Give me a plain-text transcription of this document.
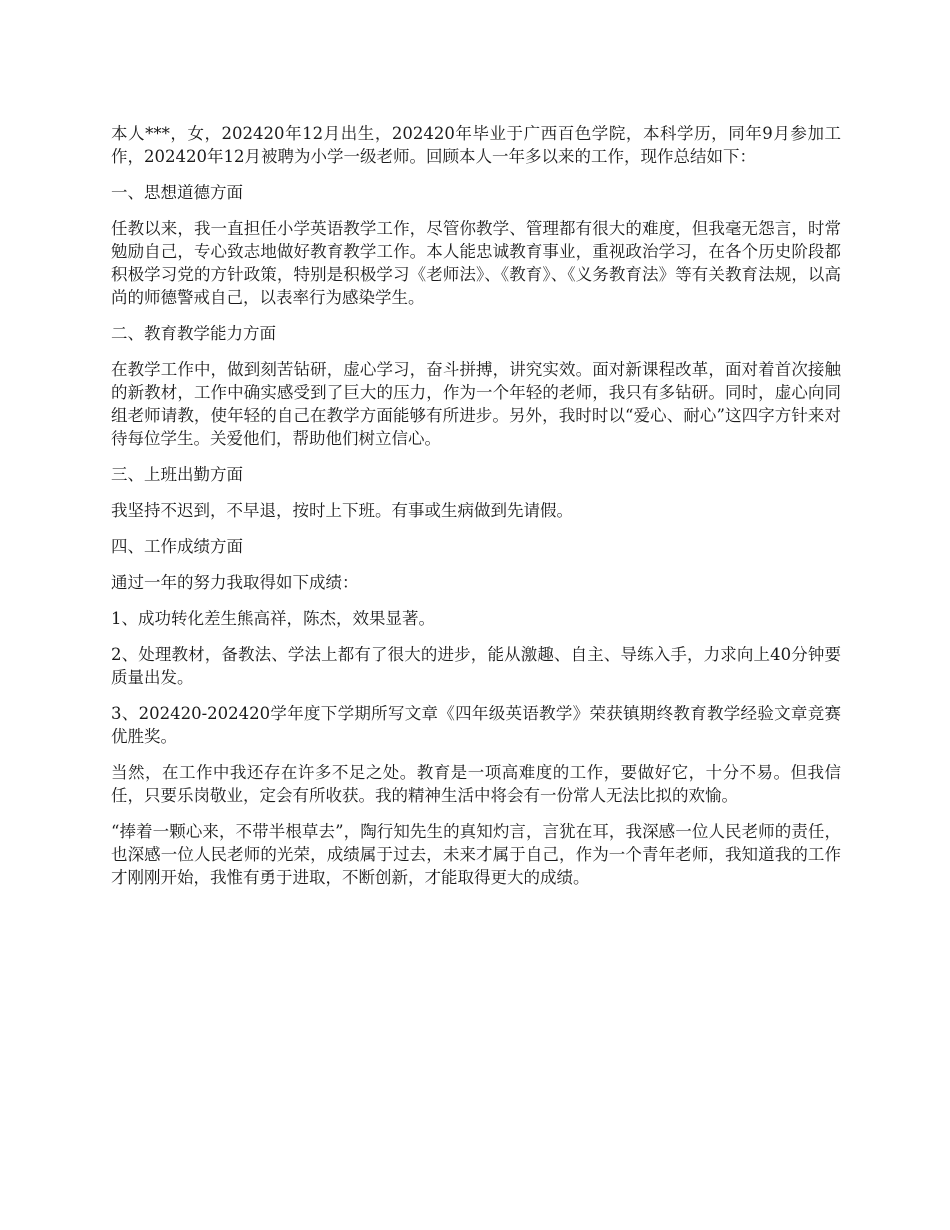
本人***，女，202420年12月出生，202420年毕业于广西百色学院，本科学历，同年9月参加工作，202420年12月被聘为小学一级老师。回顾本人一年多以来的工作，现作总结如下：

一、思想道德方面

任教以来，我一直担任小学英语教学工作，尽管你教学、管理都有很大的难度，但我毫无怨言，时常勉励自己，专心致志地做好教育教学工作。本人能忠诚教育事业，重视政治学习，在各个历史阶段都积极学习党的方针政策，特别是积极学习《老师法》、《教育》、《义务教育法》等有关教育法规，以高尚的师德警戒自己，以表率行为感染学生。

二、教育教学能力方面

在教学工作中，做到刻苦钻研，虚心学习，奋斗拼搏，讲究实效。面对新课程改革，面对着首次接触的新教材，工作中确实感受到了巨大的压力，作为一个年轻的老师，我只有多钻研。同时，虚心向同组老师请教，使年轻的自己在教学方面能够有所进步。另外，我时时以“爱心、耐心”这四字方针来对待每位学生。关爱他们，帮助他们树立信心。

三、上班出勤方面

我坚持不迟到，不早退，按时上下班。有事或生病做到先请假。

四、工作成绩方面

通过一年的努力我取得如下成绩：

1、成功转化差生熊高祥，陈杰，效果显著。

2、处理教材，备教法、学法上都有了很大的进步，能从激趣、自主、导练入手，力求向上40分钟要质量出发。

3、202420-202420学年度下学期所写文章《四年级英语教学》荣获镇期终教育教学经验文章竞赛优胜奖。

当然，在工作中我还存在许多不足之处。教育是一项高难度的工作，要做好它，十分不易。但我信任，只要乐岗敬业，定会有所收获。我的精神生活中将会有一份常人无法比拟的欢愉。

“捧着一颗心来，不带半根草去”，陶行知先生的真知灼言，言犹在耳，我深感一位人民老师的责任，也深感一位人民老师的光荣，成绩属于过去，未来才属于自己，作为一个青年老师，我知道我的工作才刚刚开始，我惟有勇于进取，不断创新，才能取得更大的成绩。
